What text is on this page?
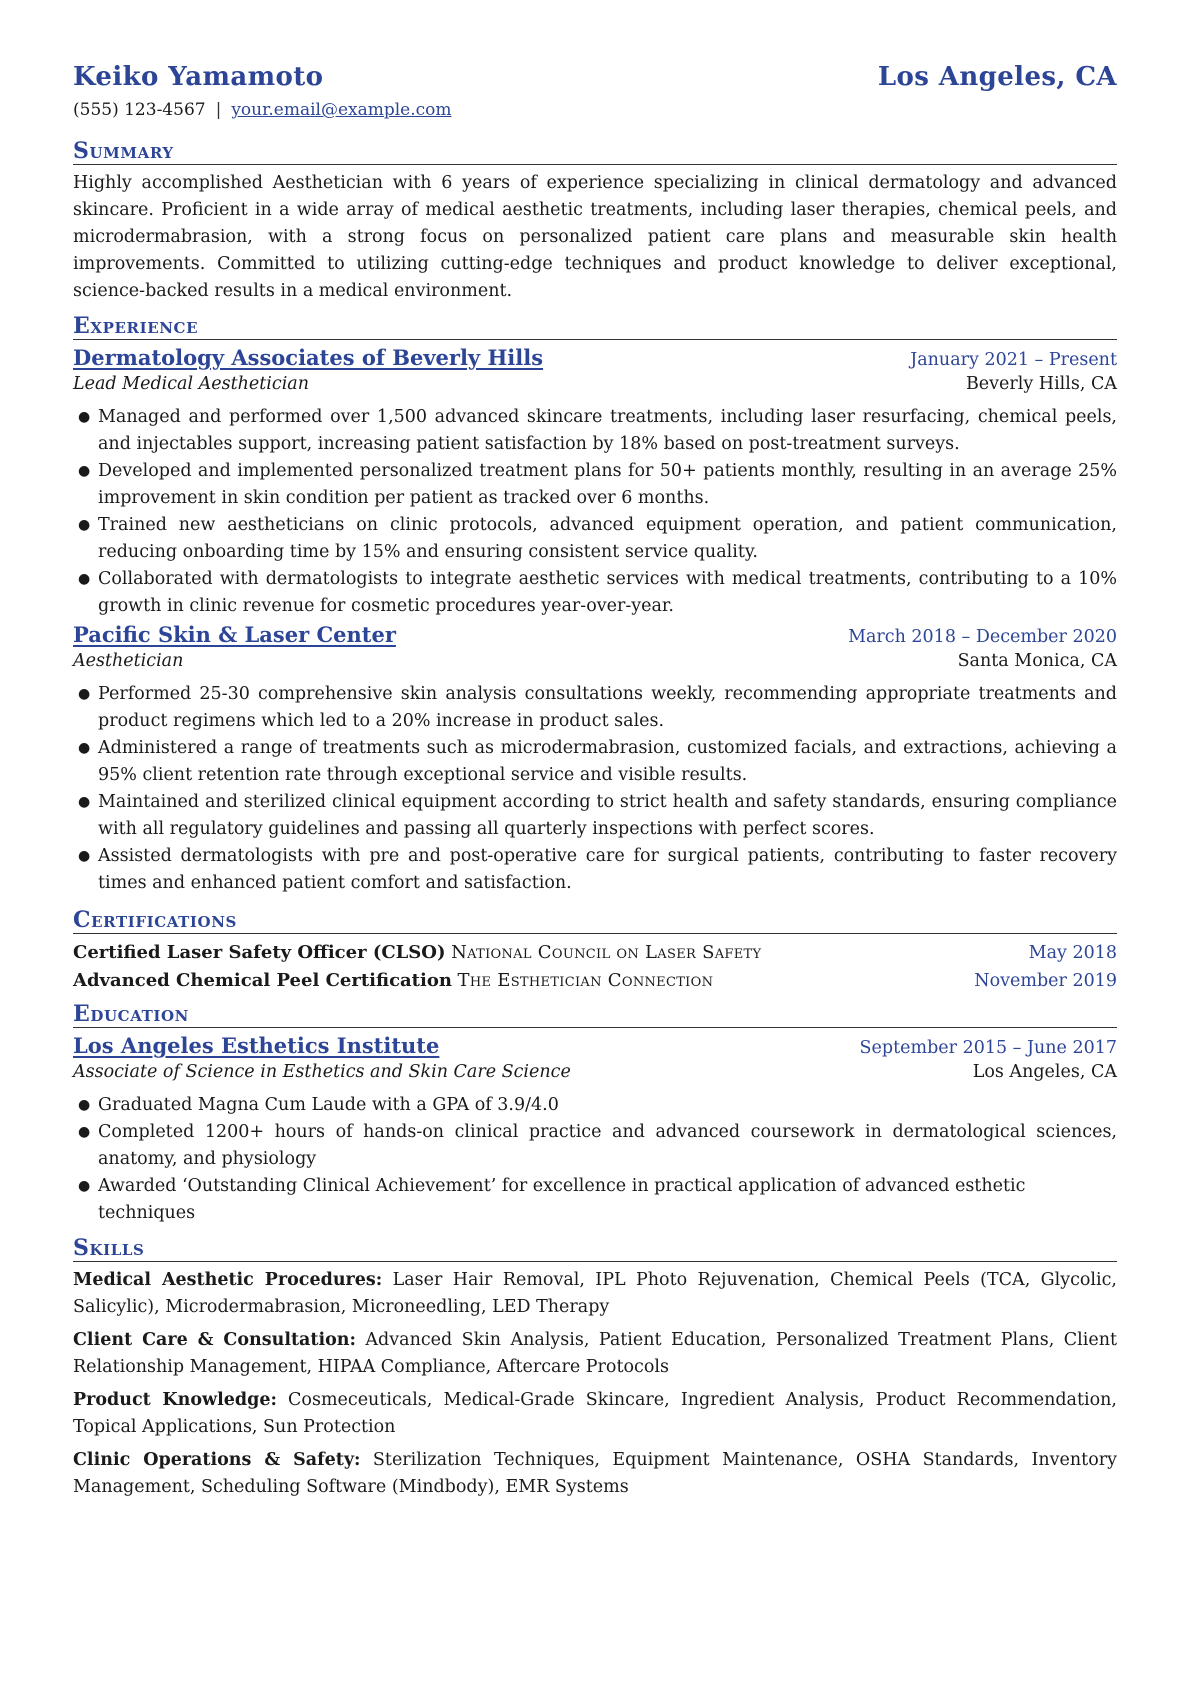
Keiko Yamamoto	Los Angeles, CA
(555) 123-4567 | your.email@example.com
Summary

Highly accomplished Aesthetician with 6 years of experience specializing in clinical dermatology and advanced skincare. Proficient in a wide array of medical aesthetic treatments, including laser therapies, chemical peels, and microdermabrasion, with a strong focus on personalized patient care plans and measurable skin health improvements. Committed to utilizing cutting-edge techniques and product knowledge to deliver exceptional, science-backed results in a medical environment.

Experience
Dermatology Associates of Beverly Hills	January 2021 – Present
Lead Medical Aesthetician	Beverly Hills, CA
● Managed and performed over 1,500 advanced skincare treatments, including laser resurfacing, chemical peels, and injectables support, increasing patient satisfaction by 18% based on post-treatment surveys.
● Developed and implemented personalized treatment plans for 50+ patients monthly, resulting in an average 25% improvement in skin condition per patient as tracked over 6 months.
● Trained new aestheticians on clinic protocols, advanced equipment operation, and patient communication, reducing onboarding time by 15% and ensuring consistent service quality.
● Collaborated with dermatologists to integrate aesthetic services with medical treatments, contributing to a 10% growth in clinic revenue for cosmetic procedures year-over-year.
Pacific Skin & Laser Center	March 2018 – December 2020
Aesthetician	Santa Monica, CA
● Performed 25-30 comprehensive skin analysis consultations weekly, recommending appropriate treatments and product regimens which led to a 20% increase in product sales.
● Administered a range of treatments such as microdermabrasion, customized facials, and extractions, achieving a 95% client retention rate through exceptional service and visible results.
● Maintained and sterilized clinical equipment according to strict health and safety standards, ensuring compliance with all regulatory guidelines and passing all quarterly inspections with perfect scores.
● Assisted dermatologists with pre and post-operative care for surgical patients, contributing to faster recovery times and enhanced patient comfort and satisfaction.
Certifications
Certified Laser Safety Officer (CLSO) National Council on Laser Safety	May 2018
Advanced Chemical Peel Certification The Esthetician Connection	November 2019
Education
Los Angeles Esthetics Institute	September 2015 – June 2017
Associate of Science in Esthetics and Skin Care Science	Los Angeles, CA
● Graduated Magna Cum Laude with a GPA of 3.9/4.0
● Completed 1200+ hours of hands-on clinical practice and advanced coursework in dermatological sciences, anatomy, and physiology
● Awarded ‘Outstanding Clinical Achievement’ for excellence in practical application of advanced esthetic techniques
Skills
Medical Aesthetic Procedures: Laser Hair Removal, IPL Photo Rejuvenation, Chemical Peels (TCA, Glycolic, Salicylic), Microdermabrasion, Microneedling, LED Therapy
Client Care & Consultation: Advanced Skin Analysis, Patient Education, Personalized Treatment Plans, Client Relationship Management, HIPAA Compliance, Aftercare Protocols
Product Knowledge: Cosmeceuticals, Medical-Grade Skincare, Ingredient Analysis, Product Recommendation, Topical Applications, Sun Protection
Clinic Operations & Safety: Sterilization Techniques, Equipment Maintenance, OSHA Standards, Inventory Management, Scheduling Software (Mindbody), EMR Systems
